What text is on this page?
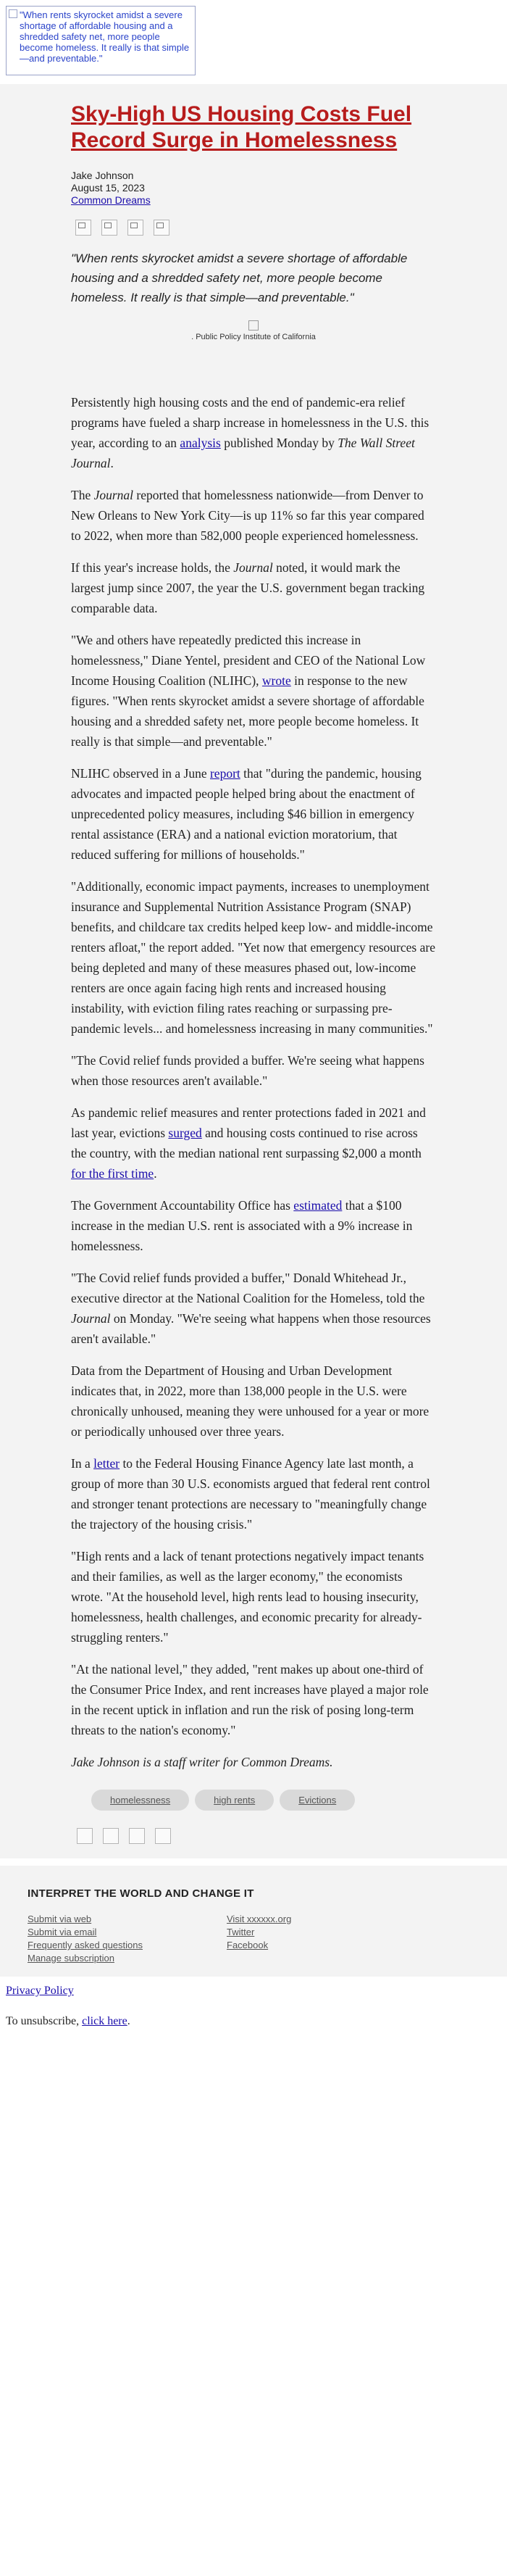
"When rents skyrocket amidst a severe shortage of affordable housing and a shredded safety net, more people become homeless. It really is that simple—and preventable."
Sky-High US Housing Costs Fuel Record Surge in Homelessness
Jake Johnson
August 15, 2023
Common Dreams
"When rents skyrocket amidst a severe shortage of affordable housing and a shredded safety net, more people become homeless. It really is that simple—and preventable."

. Public Policy Institute of California

Persistently high housing costs and the end of pandemic-era relief programs have fueled a sharp increase in homelessness in the U.S. this year, according to an analysis published Monday by The Wall Street Journal.

The Journal reported that homelessness nationwide—from Denver to New Orleans to New York City—is up 11% so far this year compared to 2022, when more than 582,000 people experienced homelessness.

If this year's increase holds, the Journal noted, it would mark the largest jump since 2007, the year the U.S. government began tracking comparable data.

"We and others have repeatedly predicted this increase in homelessness," Diane Yentel, president and CEO of the National Low Income Housing Coalition (NLIHC), wrote in response to the new figures. "When rents skyrocket amidst a severe shortage of affordable housing and a shredded safety net, more people become homeless. It really is that simple—and preventable."

NLIHC observed in a June report that "during the pandemic, housing advocates and impacted people helped bring about the enactment of unprecedented policy measures, including $46 billion in emergency rental assistance (ERA) and a national eviction moratorium, that reduced suffering for millions of households."

"Additionally, economic impact payments, increases to unemployment insurance and Supplemental Nutrition Assistance Program (SNAP) benefits, and childcare tax credits helped keep low- and middle-income renters afloat," the report added. "Yet now that emergency resources are being depleted and many of these measures phased out, low-income renters are once again facing high rents and increased housing instability, with eviction filing rates reaching or surpassing pre-pandemic levels... and homelessness increasing in many communities."

"The Covid relief funds provided a buffer. We're seeing what happens when those resources aren't available."

As pandemic relief measures and renter protections faded in 2021 and last year, evictions surged and housing costs continued to rise across the country, with the median national rent surpassing $2,000 a month for the first time.

The Government Accountability Office has estimated that a $100 increase in the median U.S. rent is associated with a 9% increase in homelessness.

"The Covid relief funds provided a buffer," Donald Whitehead Jr., executive director at the National Coalition for the Homeless, told the Journal on Monday. "We're seeing what happens when those resources aren't available."

Data from the Department of Housing and Urban Development indicates that, in 2022, more than 138,000 people in the U.S. were chronically unhoused, meaning they were unhoused for a year or more or periodically unhoused over three years.

In a letter to the Federal Housing Finance Agency late last month, a group of more than 30 U.S. economists argued that federal rent control and stronger tenant protections are necessary to "meaningfully change the trajectory of the housing crisis."

"High rents and a lack of tenant protections negatively impact tenants and their families, as well as the larger economy," the economists wrote. "At the household level, high rents lead to housing insecurity, homelessness, health challenges, and economic precarity for already-struggling renters."

"At the national level," they added, "rent makes up about one-third of the Consumer Price Index, and rent increases have played a major role in the recent uptick in inflation and run the risk of posing long-term threats to the nation's economy."

Jake Johnson is a staff writer for Common Dreams.

homelessness	high rents	Evictions
INTERPRET THE WORLD AND CHANGE IT
Submit via web
Submit via email
Frequently asked questions
Manage subscription
Visit xxxxxx.org
Twitter
Facebook

Privacy Policy

To unsubscribe, click here.
